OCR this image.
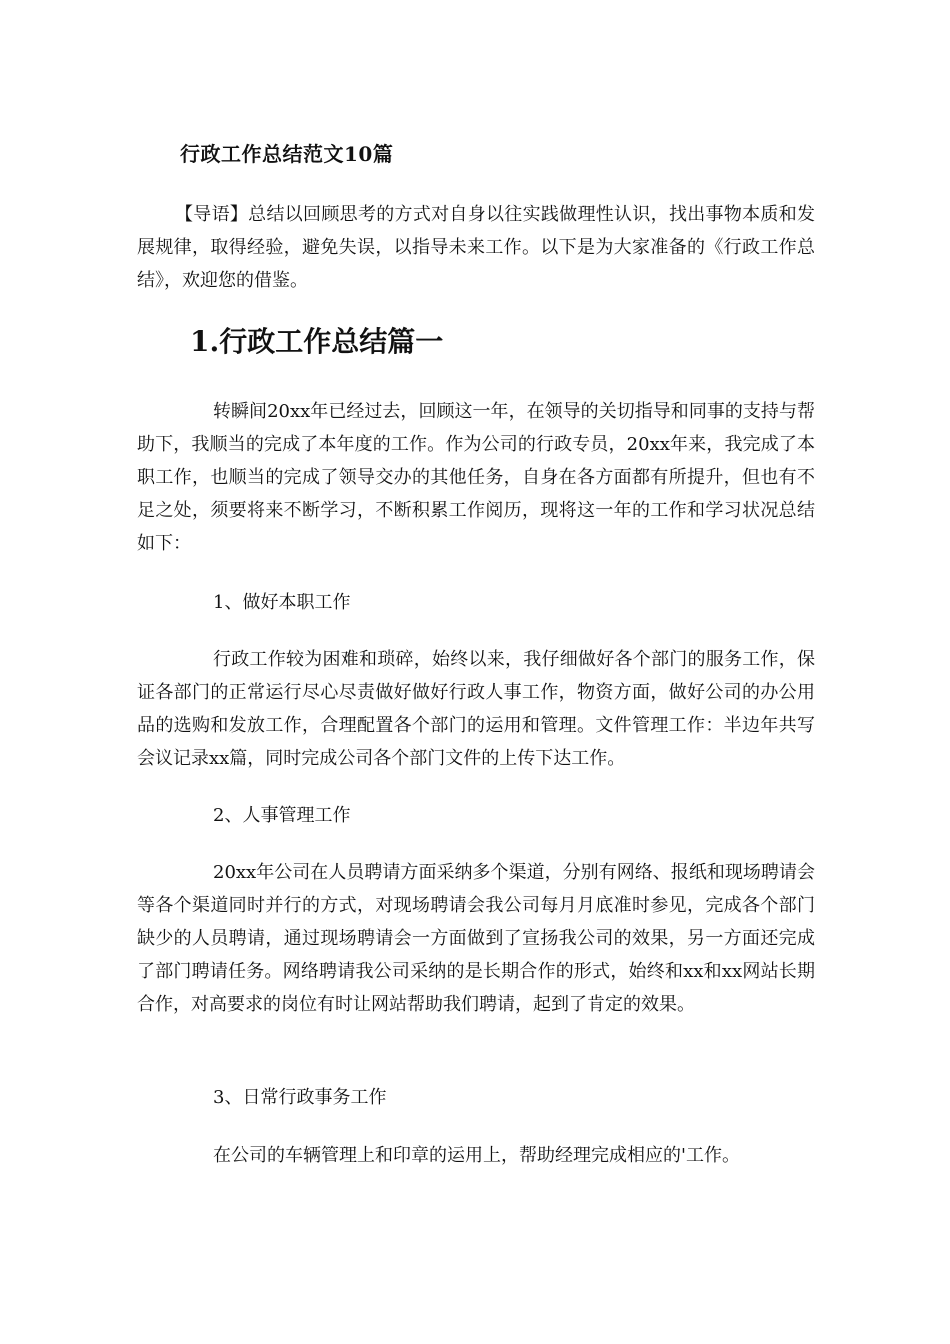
行政工作总结范文10篇

【导语】总结以回顾思考的方式对自身以往实践做理性认识，找出事物本质和发展规律，取得经验，避免失误，以指导未来工作。以下是为大家准备的《行政工作总结》，欢迎您的借鉴。

1.行政工作总结篇一

转瞬间20xx年已经过去，回顾这一年，在领导的关切指导和同事的支持与帮助下，我顺当的完成了本年度的工作。作为公司的行政专员，20xx年来，我完成了本职工作，也顺当的完成了领导交办的其他任务，自身在各方面都有所提升，但也有不足之处，须要将来不断学习，不断积累工作阅历，现将这一年的工作和学习状况总结如下：

1、做好本职工作

行政工作较为困难和琐碎，始终以来，我仔细做好各个部门的服务工作，保证各部门的正常运行尽心尽责做好做好行政人事工作，物资方面，做好公司的办公用品的选购和发放工作，合理配置各个部门的运用和管理。文件管理工作：半边年共写会议记录xx篇，同时完成公司各个部门文件的上传下达工作。

2、人事管理工作

20xx年公司在人员聘请方面采纳多个渠道，分别有网络、报纸和现场聘请会等各个渠道同时并行的方式，对现场聘请会我公司每月月底准时参见，完成各个部门缺少的人员聘请，通过现场聘请会一方面做到了宣扬我公司的效果，另一方面还完成了部门聘请任务。网络聘请我公司采纳的是长期合作的形式，始终和xx和xx网站长期合作，对高要求的岗位有时让网站帮助我们聘请，起到了肯定的效果。

3、日常行政事务工作

在公司的车辆管理上和印章的运用上，帮助经理完成相应的'工作。
